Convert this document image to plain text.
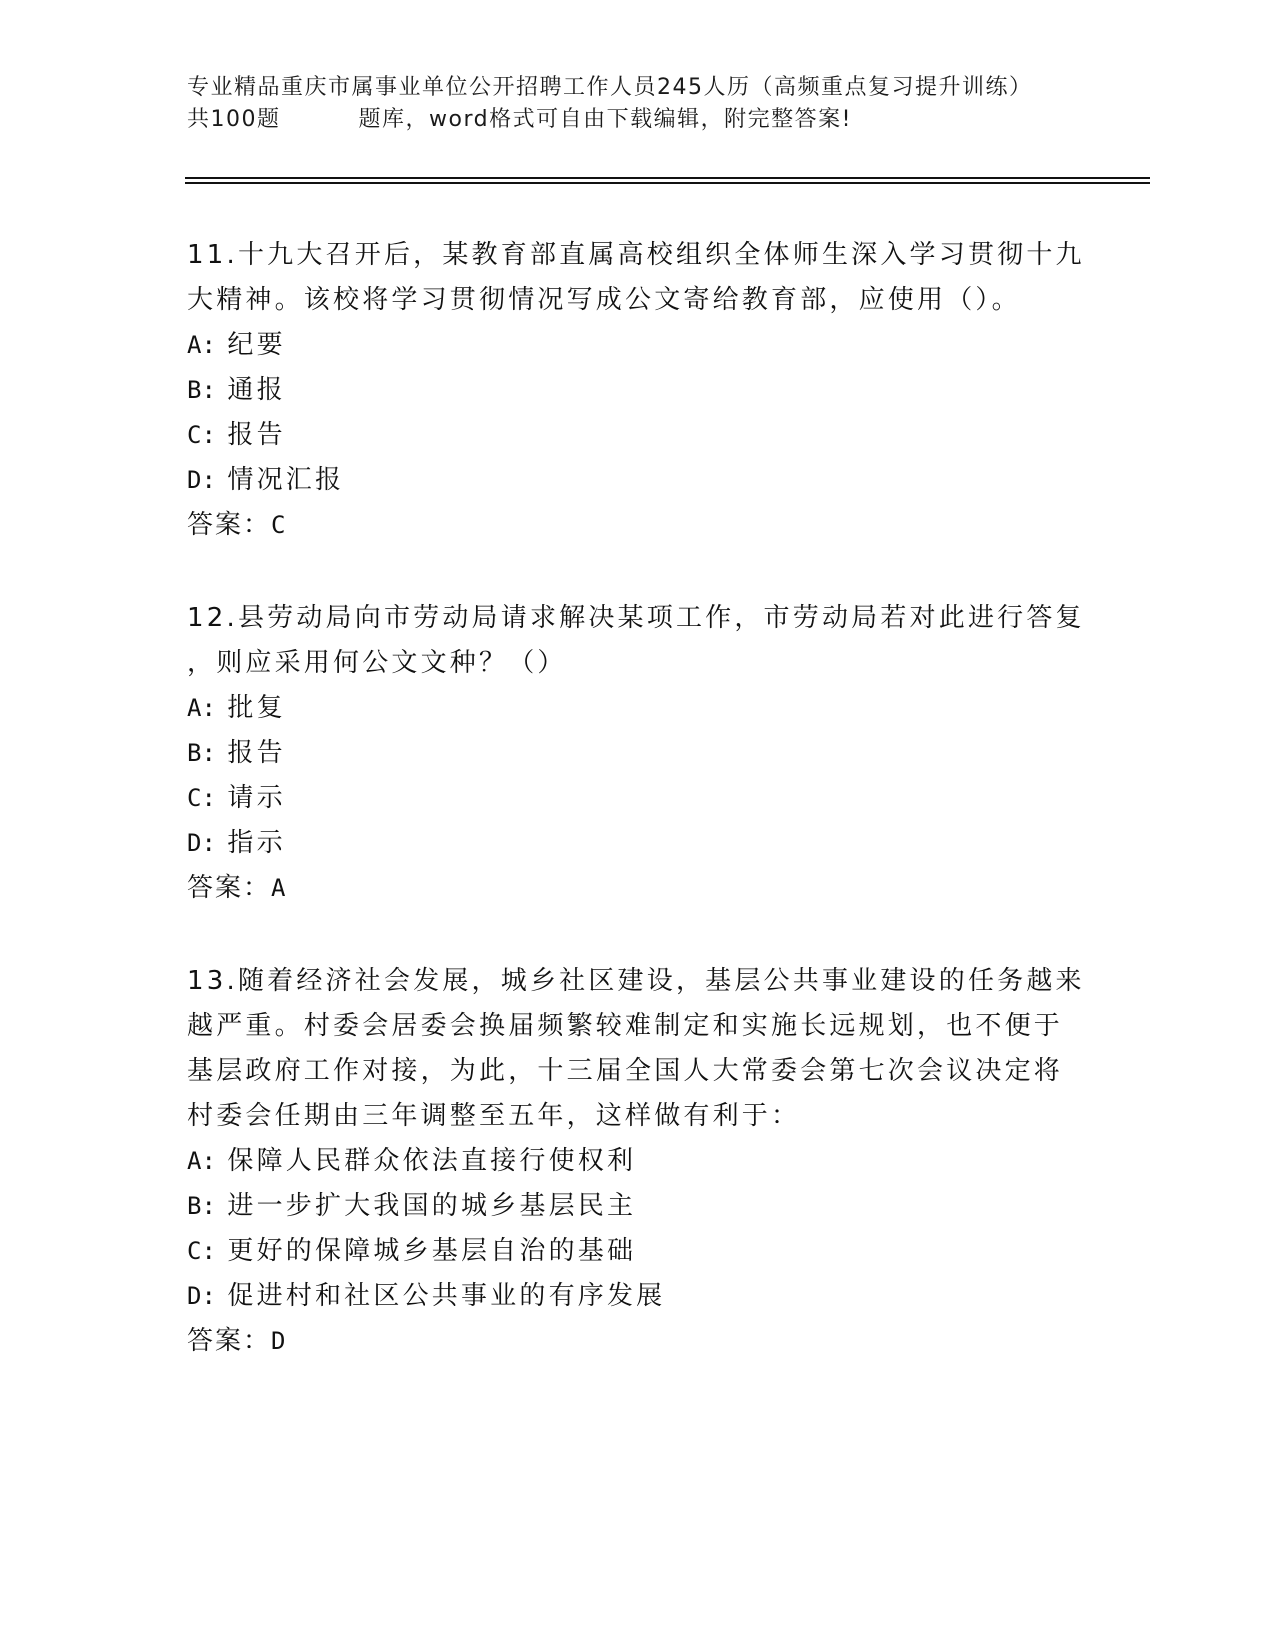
专业精品重庆市属事业单位公开招聘工作人员245人历（高频重点复习提升训练）
共100题	题库，word格式可自由下载编辑，附完整答案!
11.十九大召开后，某教育部直属高校组织全体师生深入学习贯彻十九
大精神。该校将学习贯彻情况写成公文寄给教育部，应使用（）。
A: 纪要
B: 通报
C: 报告
D: 情况汇报
答案：C
12.县劳动局向市劳动局请求解决某项工作，市劳动局若对此进行答复
，则应采用何公文文种？（）
A: 批复
B: 报告
C: 请示
D: 指示
答案：A
13.随着经济社会发展，城乡社区建设，基层公共事业建设的任务越来
越严重。村委会居委会换届频繁较难制定和实施长远规划，也不便于
基层政府工作对接，为此，十三届全国人大常委会第七次会议决定将
村委会任期由三年调整至五年，这样做有利于：
A: 保障人民群众依法直接行使权利
B: 进一步扩大我国的城乡基层民主
C: 更好的保障城乡基层自治的基础
D: 促进村和社区公共事业的有序发展
答案：D
